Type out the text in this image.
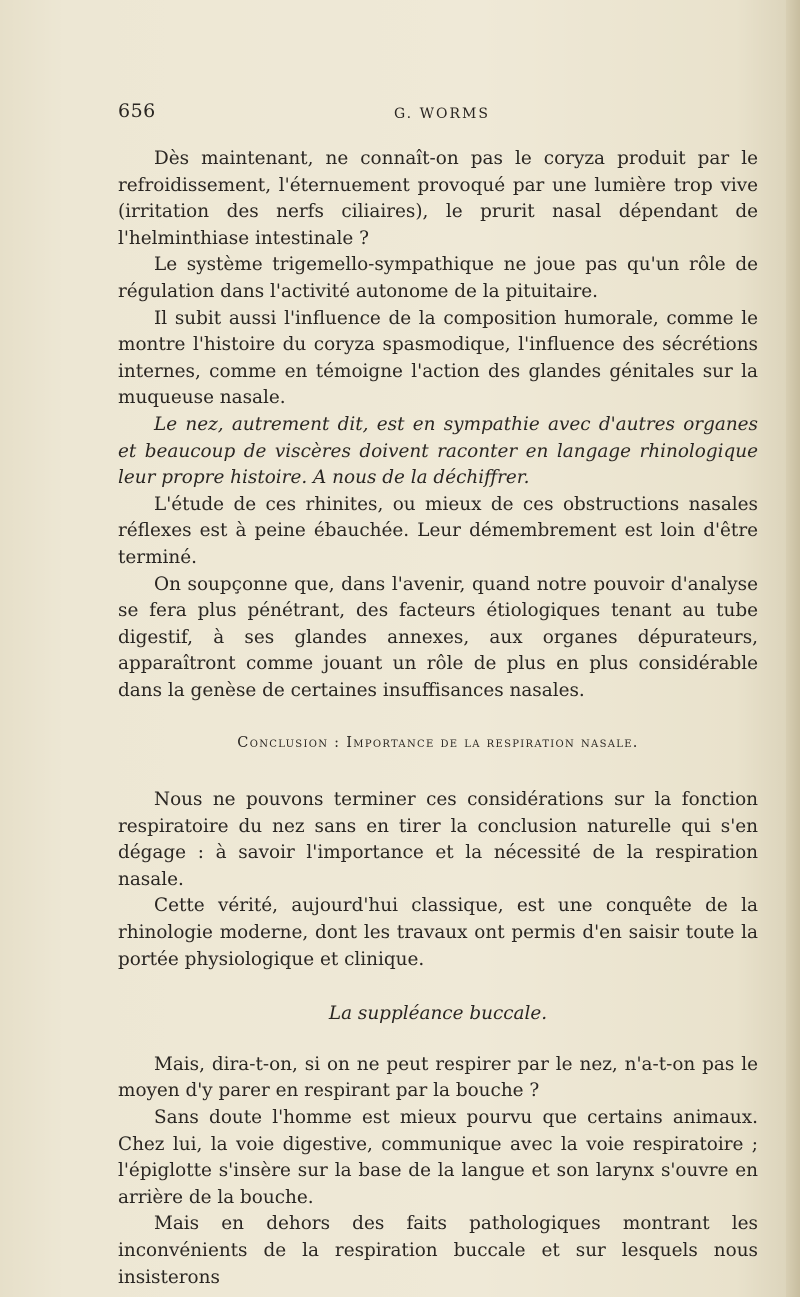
656	G. WORMS

Dès maintenant, ne connaît-on pas le coryza produit par le refroidissement, l'éternuement provoqué par une lumière trop vive (irritation des nerfs ciliaires), le prurit nasal dépendant de l'helminthiase intestinale ?

Le système trigemello-sympathique ne joue pas qu'un rôle de régulation dans l'activité autonome de la pituitaire.

Il subit aussi l'influence de la composition humorale, comme le montre l'histoire du coryza spasmodique, l'influence des sécrétions internes, comme en témoigne l'action des glandes génitales sur la muqueuse nasale.

Le nez, autrement dit, est en sympathie avec d'autres organes et beaucoup de viscères doivent raconter en langage rhinologique leur propre histoire. A nous de la déchiffrer.

L'étude de ces rhinites, ou mieux de ces obstructions nasales réflexes est à peine ébauchée. Leur démembrement est loin d'être terminé.

On soupçonne que, dans l'avenir, quand notre pouvoir d'analyse se fera plus pénétrant, des facteurs étiologiques tenant au tube digestif, à ses glandes annexes, aux organes dépurateurs, apparaîtront comme jouant un rôle de plus en plus considérable dans la genèse de certaines insuffisances nasales.

Conclusion : Importance de la respiration nasale.

Nous ne pouvons terminer ces considérations sur la fonction respiratoire du nez sans en tirer la conclusion naturelle qui s'en dégage : à savoir l'importance et la nécessité de la respiration nasale.

Cette vérité, aujourd'hui classique, est une conquête de la rhinologie moderne, dont les travaux ont permis d'en saisir toute la portée physiologique et clinique.

La suppléance buccale.

Mais, dira-t-on, si on ne peut respirer par le nez, n'a-t-on pas le moyen d'y parer en respirant par la bouche ?

Sans doute l'homme est mieux pourvu que certains animaux. Chez lui, la voie digestive, communique avec la voie respiratoire ; l'épiglotte s'insère sur la base de la langue et son larynx s'ouvre en arrière de la bouche.

Mais en dehors des faits pathologiques montrant les inconvénients de la respiration buccale et sur lesquels nous insisterons
